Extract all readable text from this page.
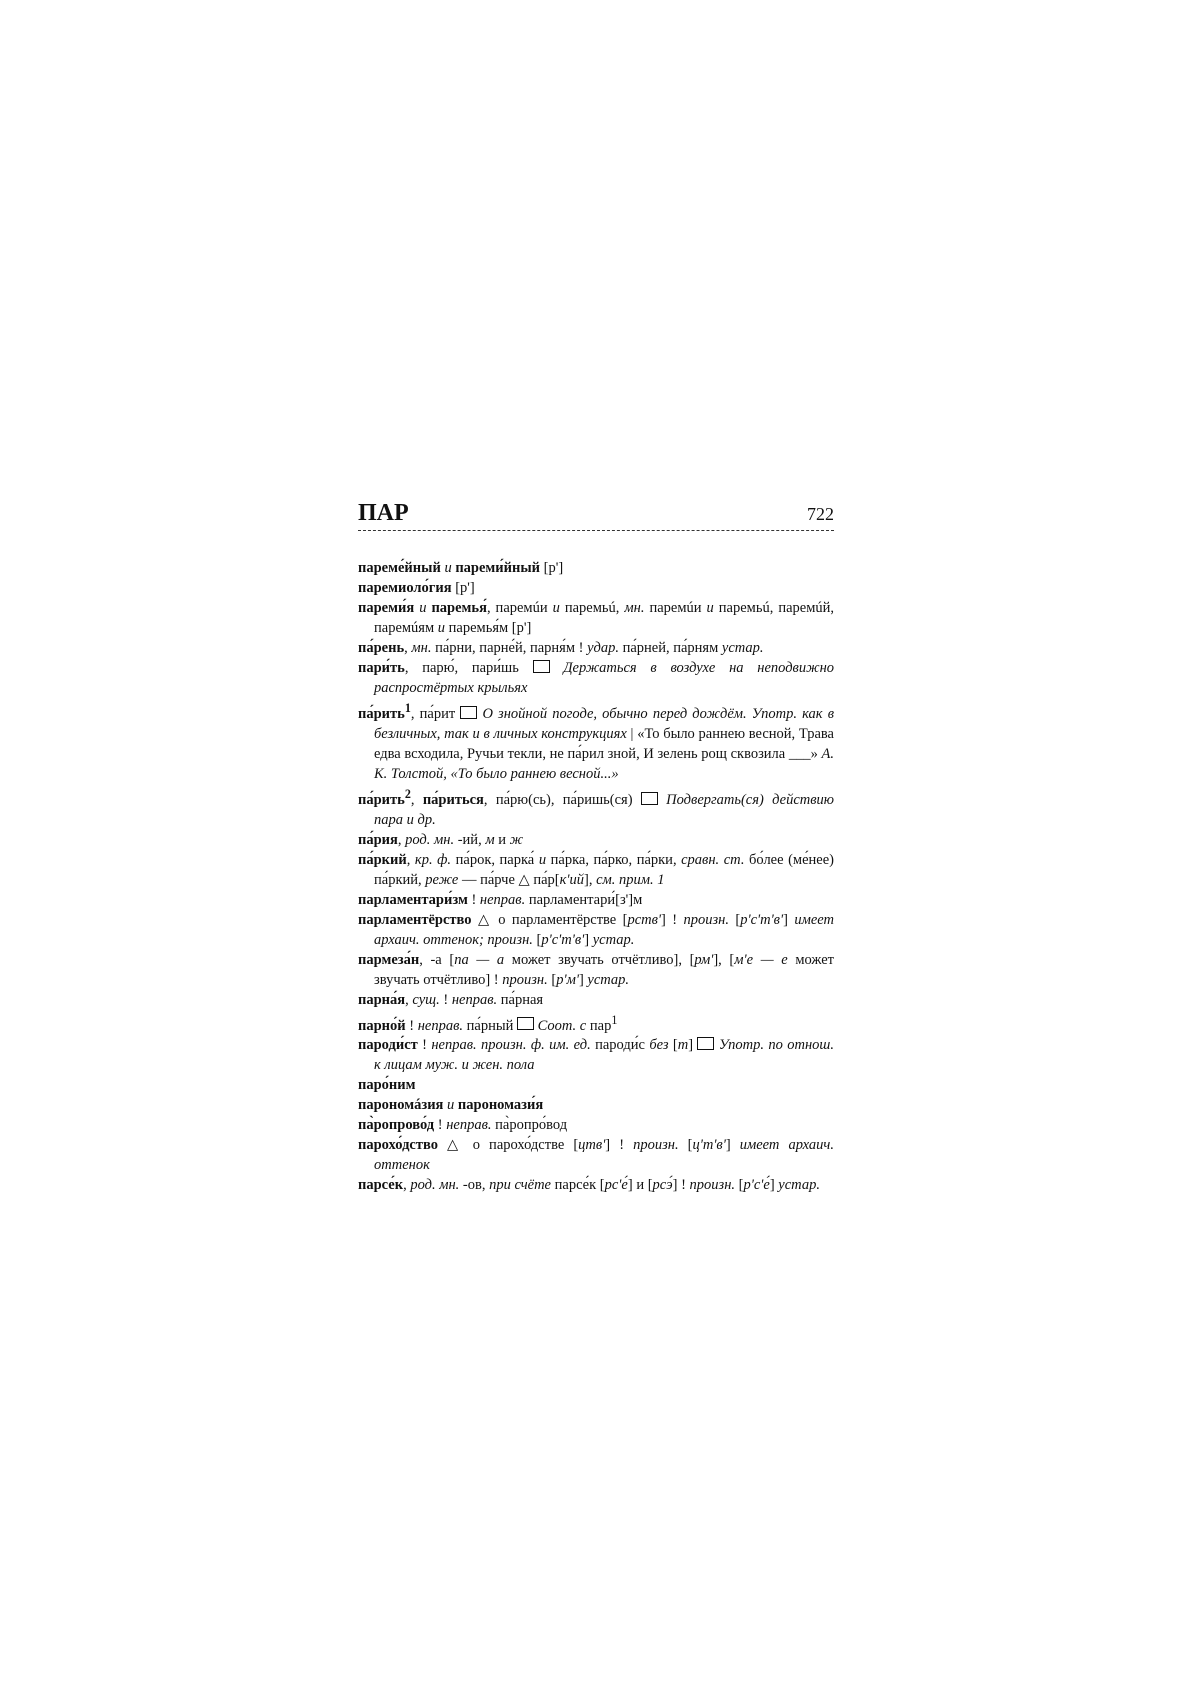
ПАР	722
пареме́йный и пареми́йный [p']
паремиоло́гия [p']
пареми́я и паремья́, паремúи и паремьú, мн. паремúи и паремьú, паремúй, паремúям и паремья́м [p']
па́рень, мн. па́рни, парне́й, парня́м ! удар. па́рней, па́рням устар.
пари́ть, парю́, пари́шь  Держаться в воздухе на неподвижно распростёртых крыльях
па́рить$^1$, па́рит  О знойной погоде, обычно перед дождём. Употр. как в безличных, так и в личных конструкциях | «То было раннею весной, Трава едва всходила, Ручьи текли, не па́рил зной, И зелень рощ сквозила ___» А. К. Толстой, «То было раннею весной...»
па́рить$^2$, па́риться, па́рю(сь), па́ришь(ся)  Подвергать(ся) действию пара и др.
па́рия, род. мн. -ий, м и ж
па́ркий, кр. ф. па́рок, парка́ и па́рка, па́рко, па́рки, сравн. ст. бо́лее (ме́нее) па́ркий, реже — па́рче △ па́р[к'ий], см. прим. 1
парламентари́зм ! неправ. парламентари́[з']м
парламентёрство △ о парламентёрстве [рств'] ! произн. [р'с'т'в'] имеет архаич. оттенок; произн. [р'с'т'в'] устар.
пармеза́н, -а [па — а может звучать отчётливо], [рм'], [м'е — е может звучать отчётливо] ! произн. [р'м'] устар.
парна́я, сущ. ! неправ. па́рная
парно́й ! неправ. па́рный  Соот. с пар$^1$
пароди́ст ! неправ. произн. ф. им. ед. пароди́с без [т]  Употр. по отнош. к лицам муж. и жен. пола
паро́ним
парономáзия и парономази́я
па̀ропрово́д ! неправ. па̀ропро́вод
парохо́дство △ о парохо́дстве [цтв'] ! произн. [ц'т'в'] имеет архаич. оттенок
парсе́к, род. мн. -ов, при счёте парсе́к [рс'е́] и [рсэ́] ! произн. [р'с'е́] устар.
